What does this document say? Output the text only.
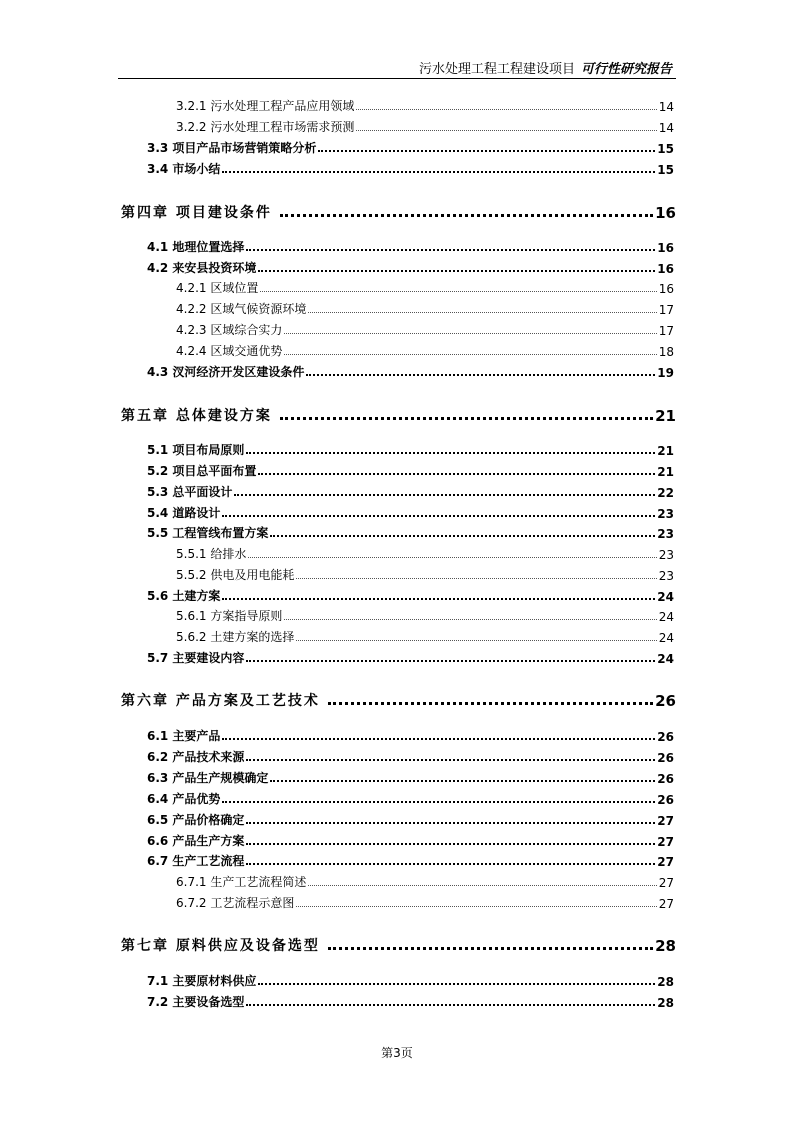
污水处理工程工程建设项目 可行性研究报告
3.2.1 污水处理工程产品应用领域	14
3.2.2 污水处理工程市场需求预测	14
3.3 项目产品市场营销策略分析	15
3.4 市场小结	15
第四章 项目建设条件	16
4.1 地理位置选择	16
4.2 来安县投资环境	16
4.2.1 区域位置	16
4.2.2 区域气候资源环境	17
4.2.3 区域综合实力	17
4.2.4 区域交通优势	18
4.3 汊河经济开发区建设条件	19
第五章 总体建设方案	21
5.1 项目布局原则	21
5.2 项目总平面布置	21
5.3 总平面设计	22
5.4 道路设计	23
5.5 工程管线布置方案	23
5.5.1 给排水	23
5.5.2 供电及用电能耗	23
5.6 土建方案	24
5.6.1 方案指导原则	24
5.6.2 土建方案的选择	24
5.7 主要建设内容	24
第六章 产品方案及工艺技术	26
6.1 主要产品	26
6.2 产品技术来源	26
6.3 产品生产规模确定	26
6.4 产品优势	26
6.5 产品价格确定	27
6.6 产品生产方案	27
6.7 生产工艺流程	27
6.7.1 生产工艺流程简述	27
6.7.2 工艺流程示意图	27
第七章 原料供应及设备选型	28
7.1 主要原材料供应	28
7.2 主要设备选型	28
第3页
